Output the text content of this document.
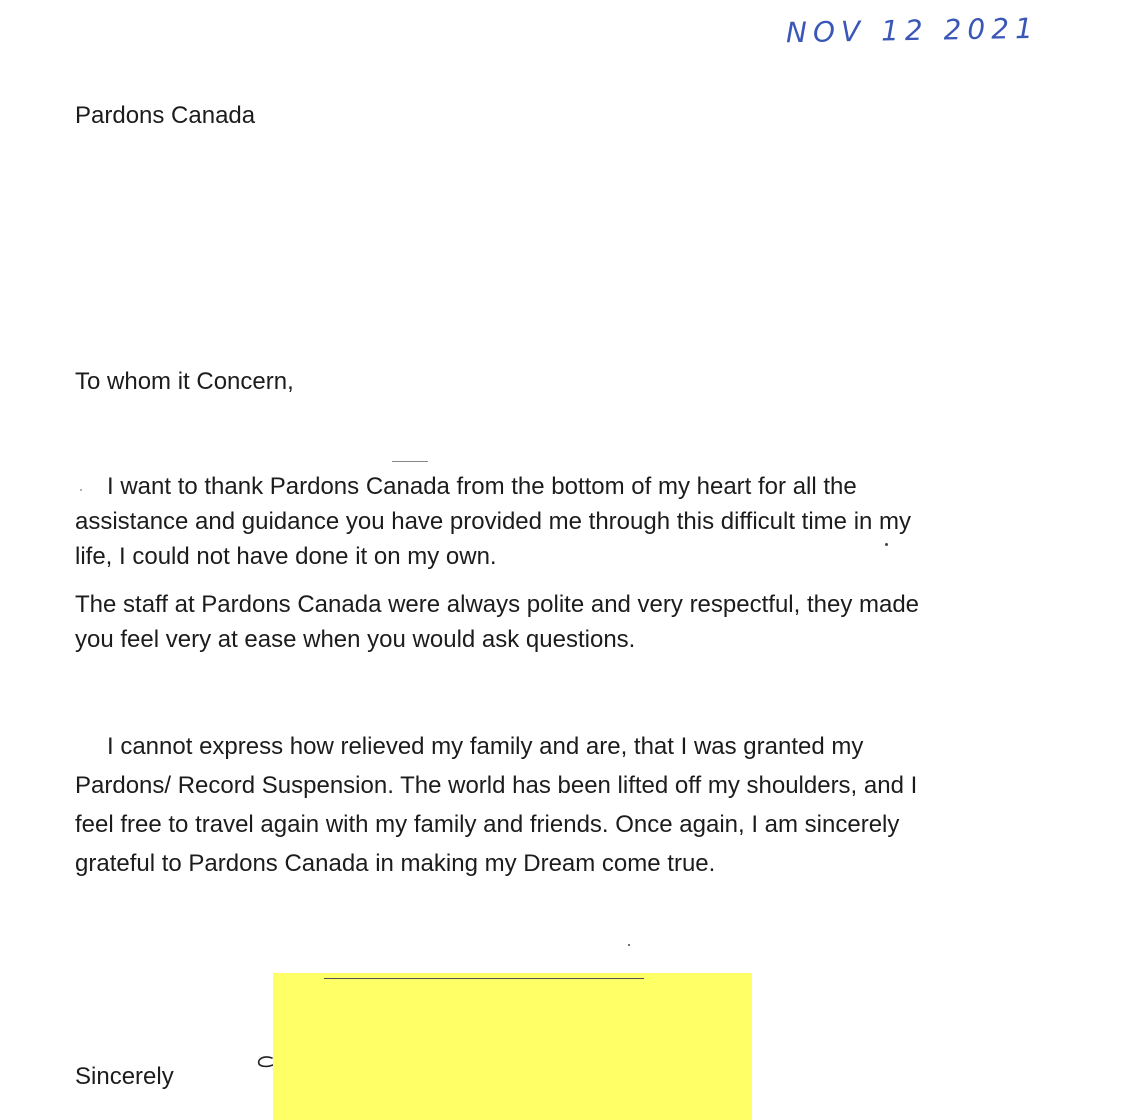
NOV 12 2021
Pardons Canada
To whom it Concern,
I want to thank Pardons Canada from the bottom of my heart for all the
assistance and guidance you have provided me through this difficult time in my
life, I could not have done it on my own.
The staff at Pardons Canada were always polite and very respectful, they made
you feel very at ease when you would ask questions.
I cannot express how relieved my family and are, that I was granted my
Pardons/ Record Suspension. The world has been lifted off my shoulders, and I
feel free to travel again with my family and friends. Once again, I am sincerely
grateful to Pardons Canada in making my Dream come true.
Sincerely
